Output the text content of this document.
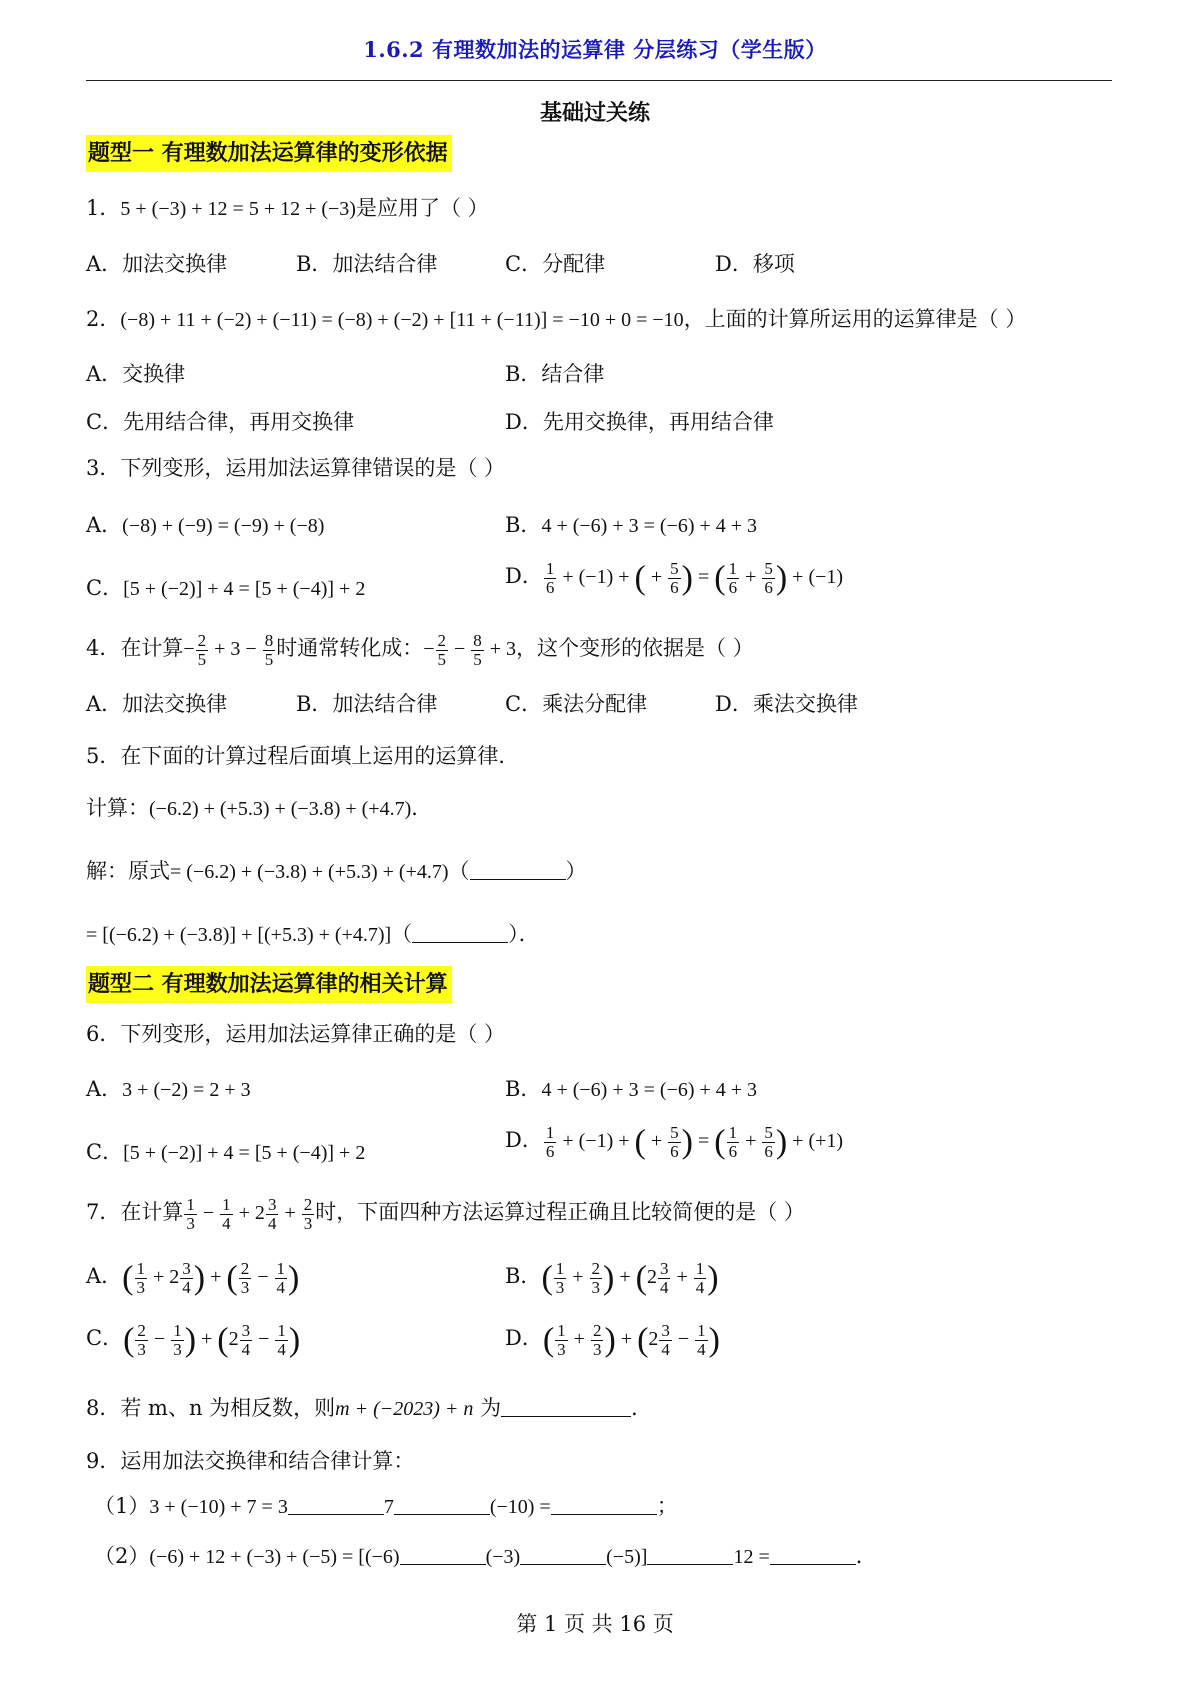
1.6.2 有理数加法的运算律 分层练习（学生版）
基础过关练
题型一 有理数加法运算律的变形依据
1．5 + (−3) + 12 = 5 + 12 + (−3)是应用了（ ）
A．加法交换律	B．加法结合律	C．分配律	D．移项
2．(−8) + 11 + (−2) + (−11) = (−8) + (−2) + [11 + (−11)] = −10 + 0 = −10，上面的计算所运用的运算律是（ ）
A．交换律	B．结合律
C．先用结合律，再用交换律	D．先用交换律，再用结合律
3．下列变形，运用加法运算律错误的是（ ）
A．(−8) + (−9) = (−9) + (−8)	B．4 + (−6) + 3 = (−6) + 4 + 3
C．[5 + (−2)] + 4 = [5 + (−4)] + 2
D． $\frac{1}{6} + (-1)$ + ( + $\frac{5}{6}$ ) = ( $\frac{1}{6} + \frac{5}{6}$ ) + (−1)
4．在计算− $\frac{2}{5} + 3 - \frac{8}{5}$ 时通常转化成：− $\frac{2}{5} - \frac{8}{5} + 3$，这个变形的依据是（ ）
A．加法交换律	B．加法结合律	C．乘法分配律	D．乘法交换律
5．在下面的计算过程后面填上运用的运算律．
计算：(−6.2) + (+5.3) + (−3.8) + (+4.7)．
解：原式= (−6.2) + (−3.8) + (+5.3) + (+4.7)（	）
= [(−6.2) + (−3.8)] + [(+5.3) + (+4.7)]（	）．
题型二 有理数加法运算律的相关计算
6．下列变形，运用加法运算律正确的是（ ）
A．3 + (−2) = 2 + 3	B．4 + (−6) + 3 = (−6) + 4 + 3
C．[5 + (−2)] + 4 = [5 + (−4)] + 2
D． $\frac{1}{6} + (-1)$ + ( + $\frac{5}{6}$ ) = ( $\frac{1}{6} + \frac{5}{6}$ ) + (+1)
7．在计算 $\frac{1}{3} - \frac{1}{4} + 2 \frac{3}{4} + \frac{2}{3}$ 时，下面四种方法运算过程正确且比较简便的是（ ）
A．( $\frac{1}{3} + 2 \frac{3}{4}$ ) + ( $\frac{2}{3} - \frac{1}{4}$ )	B．( $\frac{1}{3} + \frac{2}{3}$ ) + ($2 \frac{3}{4} + \frac{1}{4}$ )
C．( $\frac{2}{3} - \frac{1}{3}$ ) + ($2 \frac{3}{4} - \frac{1}{4}$ )	D．( $\frac{1}{3} + \frac{2}{3}$ ) + ($2 \frac{3}{4} - \frac{1}{4}$ )
8．若 m、n 为相反数，则m + (−2023) + n 为	．
9．运用加法交换律和结合律计算：
（1）3 + (−10) + 7 = 3	7	(−10) =	；
（2）(−6) + 12 + (−3) + (−5) = [(−6)	(−3)	(−5)]	12 =	．
第 1 页 共 16 页
